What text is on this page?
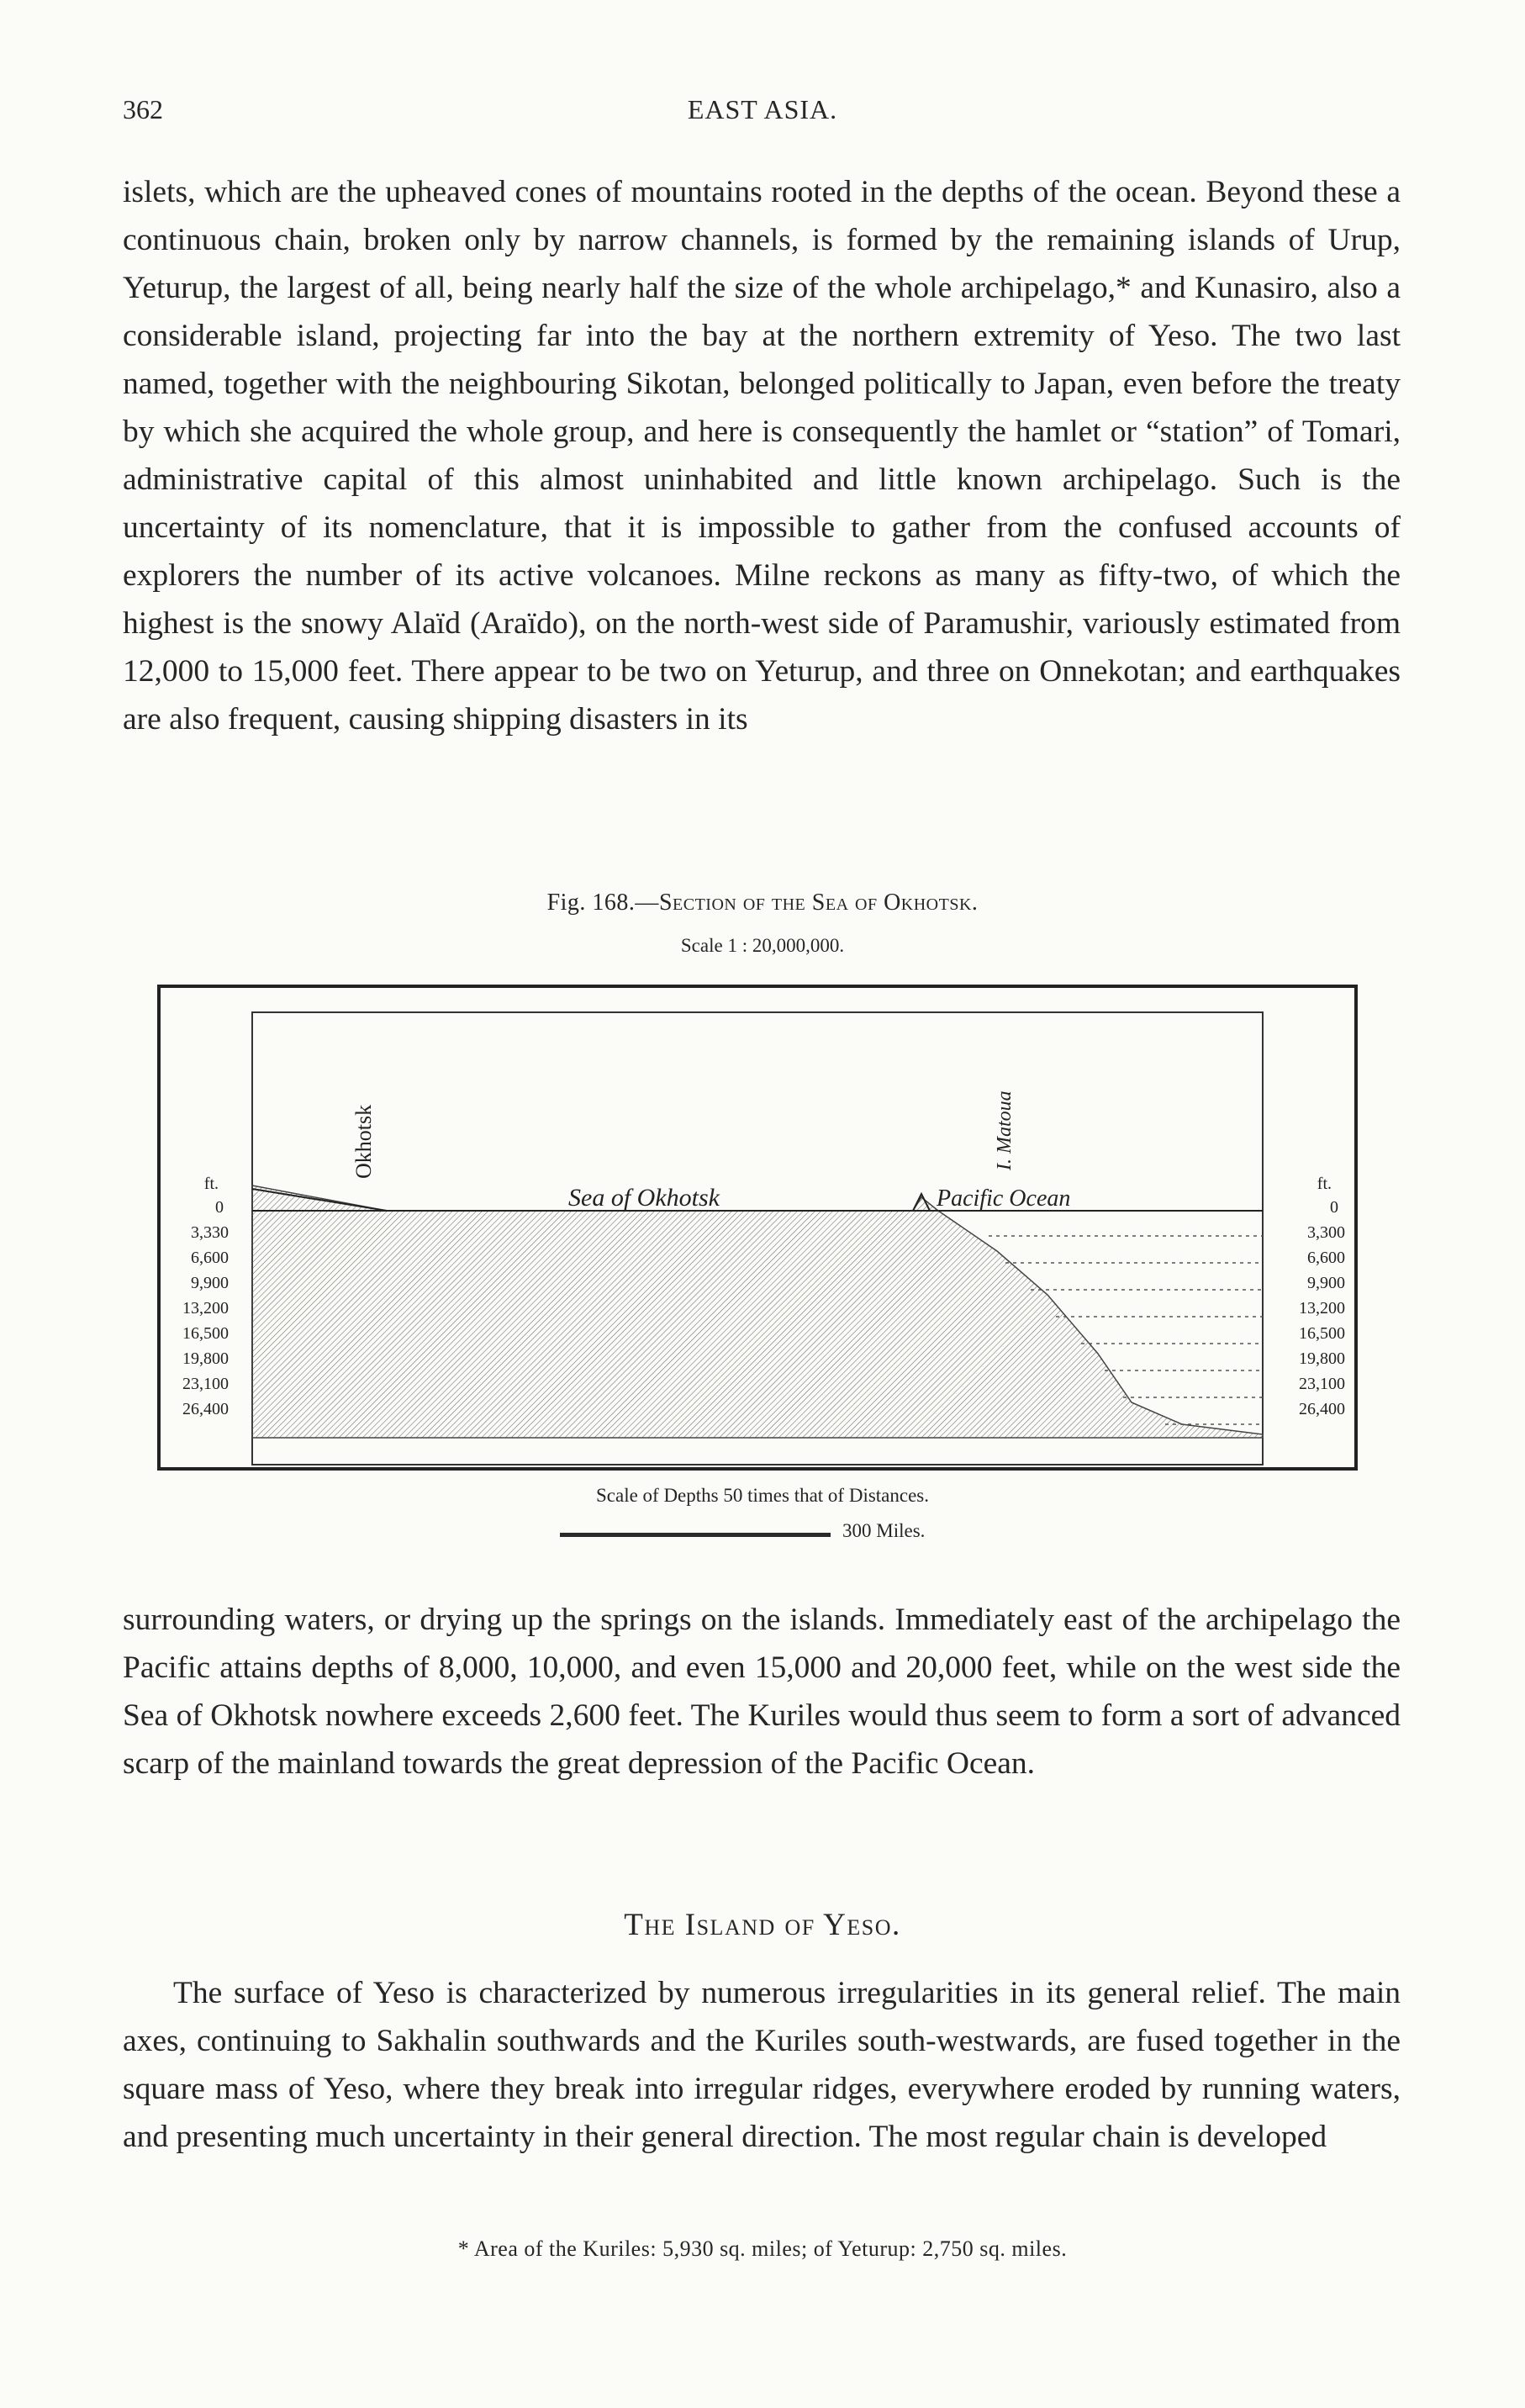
362	EAST ASIA.

islets, which are the upheaved cones of mountains rooted in the depths of the ocean. Beyond these a continuous chain, broken only by narrow channels, is formed by the remaining islands of Urup, Yeturup, the largest of all, being nearly half the size of the whole archipelago,* and Kunasiro, also a considerable island, projecting far into the bay at the northern extremity of Yeso. The two last named, together with the neighbouring Sikotan, belonged politically to Japan, even before the treaty by which she acquired the whole group, and here is consequently the hamlet or “station” of Tomari, administrative capital of this almost uninhabited and little known archipelago. Such is the uncertainty of its nomenclature, that it is impossible to gather from the confused accounts of explorers the number of its active volcanoes. Milne reckons as many as fifty-two, of which the highest is the snowy Alaïd (Araïdo), on the north-west side of Paramushir, variously estimated from 12,000 to 15,000 feet. There appear to be two on Yeturup, and three on Onnekotan; and earthquakes are also frequent, causing shipping disasters in its

Fig. 168.—Section of the Sea of Okhotsk.
Scale 1 : 20,000,000.
Okhotsk	I. Matoua
Sea of Okhotsk	Pacific Ocean
ft.
0
3,330
6,600
9,900
13,200
16,500
19,800
23,100
26,400
ft.
0
3,300
6,600
9,900
13,200
16,500
19,800
23,100
26,400
Scale of Depths 50 times that of Distances.
300 Miles.

surrounding waters, or drying up the springs on the islands. Immediately east of the archipelago the Pacific attains depths of 8,000, 10,000, and even 15,000 and 20,000 feet, while on the west side the Sea of Okhotsk nowhere exceeds 2,600 feet. The Kuriles would thus seem to form a sort of advanced scarp of the mainland towards the great depression of the Pacific Ocean.

The Island of Yeso.

The surface of Yeso is characterized by numerous irregularities in its general relief. The main axes, continuing to Sakhalin southwards and the Kuriles south-westwards, are fused together in the square mass of Yeso, where they break into irregular ridges, everywhere eroded by running waters, and presenting much uncertainty in their general direction. The most regular chain is developed

* Area of the Kuriles: 5,930 sq. miles; of Yeturup: 2,750 sq. miles.
